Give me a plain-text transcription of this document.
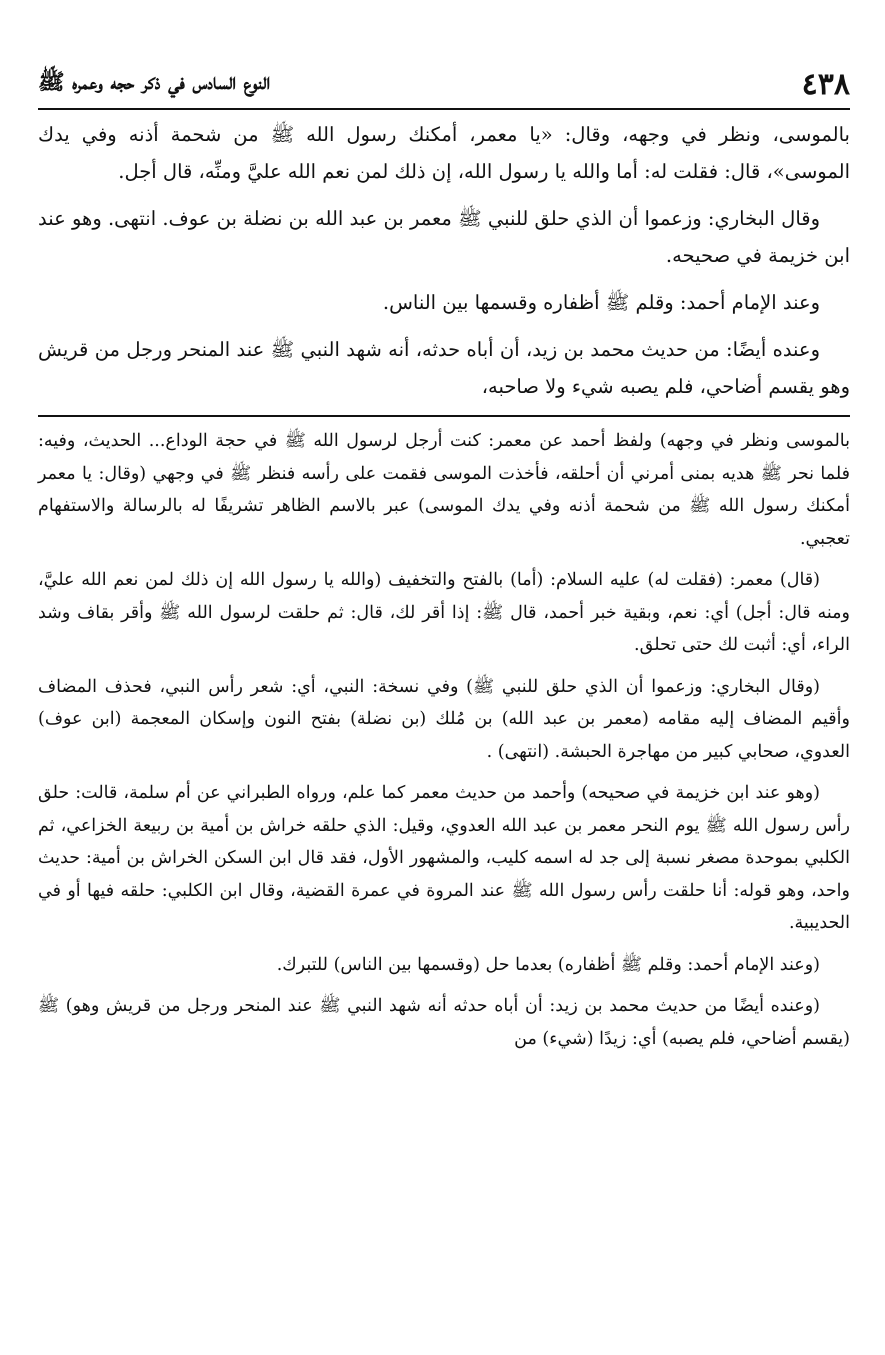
٤٣٨
النوع السادس في ذكر حجه وعمره ﷺ

بالموسى، ونظر في وجهه، وقال: «يا معمر، أمكنك رسول الله ﷺ من شحمة أذنه وفي يدك الموسى»، قال: فقلت له: أما والله يا رسول الله، إن ذلك لمن نعم الله عليَّ ومنِّه، قال أجل.

وقال البخاري: وزعموا أن الذي حلق للنبي ﷺ معمر بن عبد الله بن نضلة بن عوف. انتهى. وهو عند ابن خزيمة في صحيحه.

وعند الإمام أحمد: وقلم ﷺ أظفاره وقسمها بين الناس.

وعنده أيضًا: من حديث محمد بن زيد، أن أباه حدثه، أنه شهد النبي ﷺ عند المنحر ورجل من قريش وهو يقسم أضاحي، فلم يصبه شيء ولا صاحبه،

بالموسى ونظر في وجهه) ولفظ أحمد عن معمر: كنت أرجل لرسول الله ﷺ في حجة الوداع... الحديث، وفيه: فلما نحر ﷺ هديه بمنى أمرني أن أحلقه، فأخذت الموسى فقمت على رأسه فنظر ﷺ في وجهي (وقال: يا معمر أمكنك رسول الله ﷺ من شحمة أذنه وفي يدك الموسى) عبر بالاسم الظاهر تشريفًا له بالرسالة والاستفهام تعجبي.

(قال) معمر: (فقلت له) عليه السلام: (أما) بالفتح والتخفيف (والله يا رسول الله إن ذلك لمن نعم الله عليَّ، ومنه قال: أجل) أي: نعم، وبقية خبر أحمد، قال ﷺ: إذا أقر لك، قال: ثم حلقت لرسول الله ﷺ وأقر بقاف وشد الراء، أي: أثبت لك حتى تحلق.

(وقال البخاري: وزعموا أن الذي حلق للنبي ﷺ) وفي نسخة: النبي، أي: شعر رأس النبي، فحذف المضاف وأقيم المضاف إليه مقامه (معمر بن عبد الله) بن مُلك (بن نضلة) بفتح النون وإسكان المعجمة (ابن عوف) العدوي، صحابي كبير من مهاجرة الحبشة. (انتهى) .

(وهو عند ابن خزيمة في صحيحه) وأحمد من حديث معمر كما علم، ورواه الطبراني عن أم سلمة، قالت: حلق رأس رسول الله ﷺ يوم النحر معمر بن عبد الله العدوي، وقيل: الذي حلقه خراش بن أمية بن ربيعة الخزاعي، ثم الكلبي بموحدة مصغر نسبة إلى جد له اسمه كليب، والمشهور الأول، فقد قال ابن السكن الخراش بن أمية: حديث واحد، وهو قوله: أنا حلقت رأس رسول الله ﷺ عند المروة في عمرة القضية، وقال ابن الكلبي: حلقه فيها أو في الحديبية.

(وعند الإمام أحمد: وقلم ﷺ أظفاره) بعدما حل (وقسمها بين الناس) للتبرك.

(وعنده أيضًا من حديث محمد بن زيد: أن أباه حدثه أنه شهد النبي ﷺ عند المنحر ورجل من قريش وهو) ﷺ (يقسم أضاحي، فلم يصبه) أي: زيدًا (شيء) من
